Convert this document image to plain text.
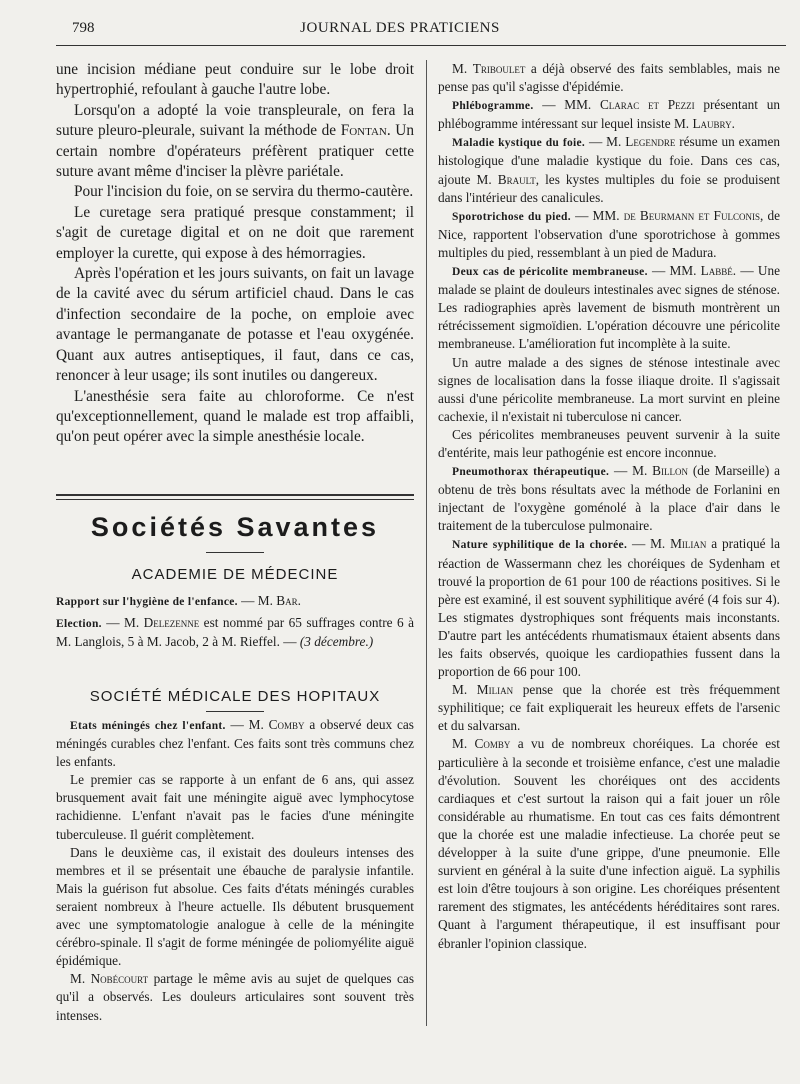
798	JOURNAL DES PRATICIENS

une incision médiane peut conduire sur le lobe droit hypertrophié, refoulant à gauche l'autre lobe.

Lorsqu'on a adopté la voie transpleurale, on fera la suture pleuro-pleurale, suivant la méthode de Fontan. Un certain nombre d'opérateurs préfèrent pratiquer cette suture avant même d'inciser la plèvre pariétale.

Pour l'incision du foie, on se servira du thermo-cautère.

Le curetage sera pratiqué presque constamment; il s'agit de curetage digital et on ne doit que rarement employer la curette, qui expose à des hémorragies.

Après l'opération et les jours suivants, on fait un lavage de la cavité avec du sérum artificiel chaud. Dans le cas d'infection secondaire de la poche, on emploie avec avantage le permanganate de potasse et l'eau oxygénée. Quant aux autres antiseptiques, il faut, dans ce cas, renoncer à leur usage; ils sont inutiles ou dangereux.

L'anesthésie sera faite au chloroforme. Ce n'est qu'exceptionnellement, quand le malade est trop affaibli, qu'on peut opérer avec la simple anesthésie locale.

Sociétés Savantes
ACADEMIE DE MÉDECINE

Rapport sur l'hygiène de l'enfance. — M. Bar.

Election. — M. Delezenne est nommé par 65 suffrages contre 6 à M. Langlois, 5 à M. Jacob, 2 à M. Rieffel. — (3 décembre.)

SOCIÉTÉ MÉDICALE DES HOPITAUX

Etats méningés chez l'enfant. — M. Comby a observé deux cas méningés curables chez l'enfant. Ces faits sont très communs chez les enfants.

Le premier cas se rapporte à un enfant de 6 ans, qui assez brusquement avait fait une méningite aiguë avec lymphocytose rachidienne. L'enfant n'avait pas le facies d'une méningite tuberculeuse. Il guérit complètement.

Dans le deuxième cas, il existait des douleurs intenses des membres et il se présentait une ébauche de paralysie infantile. Mais la guérison fut absolue. Ces faits d'états méningés curables seraient nombreux à l'heure actuelle. Ils débutent brusquement avec une symptomatologie analogue à celle de la méningite cérébro-spinale. Il s'agit de forme méningée de poliomyélite aiguë épidémique.

M. Nobécourt partage le même avis au sujet de quelques cas qu'il a observés. Les douleurs articulaires sont souvent très intenses.

M. Triboulet a déjà observé des faits semblables, mais ne pense pas qu'il s'agisse d'épidémie.

Phlébogramme. — MM. Clarac et Pezzi présentant un phlébogramme intéressant sur lequel insiste M. Laubry.

Maladie kystique du foie. — M. Legendre résume un examen histologique d'une maladie kystique du foie. Dans ces cas, ajoute M. Brault, les kystes multiples du foie se produisent dans l'intérieur des canalicules.

Sporotrichose du pied. — MM. de Beurmann et Fulconis, de Nice, rapportent l'observation d'une sporotrichose à gommes multiples du pied, ressemblant à un pied de Madura.

Deux cas de péricolite membraneuse. — MM. Labbé. — Une malade se plaint de douleurs intestinales avec signes de sténose. Les radiographies après lavement de bismuth montrèrent un rétrécissement sigmoïdien. L'opération découvre une péricolite membraneuse. L'amélioration fut incomplète à la suite.

Un autre malade a des signes de sténose intestinale avec signes de localisation dans la fosse iliaque droite. Il s'agissait aussi d'une péricolite membraneuse. La mort survint en pleine cachexie, il n'existait ni tuberculose ni cancer.

Ces péricolites membraneuses peuvent survenir à la suite d'entérite, mais leur pathogénie est encore inconnue.

Pneumothorax thérapeutique. — M. Billon (de Marseille) a obtenu de très bons résultats avec la méthode de Forlanini en injectant de l'oxygène goménolé à la place d'air dans le traitement de la tuberculose pulmonaire.

Nature syphilitique de la chorée. — M. Milian a pratiqué la réaction de Wassermann chez les choréiques de Sydenham et trouvé la proportion de 61 pour 100 de réactions positives. Si le père est examiné, il est souvent syphilitique avéré (4 fois sur 4). Les stigmates dystrophiques sont fréquents mais inconstants. D'autre part les antécédents rhumatismaux étaient absents dans les faits observés, quoique les cardiopathies fussent dans la proportion de 66 pour 100.

M. Milian pense que la chorée est très fréquemment syphilitique; ce fait expliquerait les heureux effets de l'arsenic et du salvarsan.

M. Comby a vu de nombreux choréiques. La chorée est particulière à la seconde et troisième enfance, c'est une maladie d'évolution. Souvent les choréiques ont des accidents cardiaques et c'est surtout la raison qui a fait jouer un rôle considérable au rhumatisme. En tout cas ces faits démontrent que la chorée est une maladie infectieuse. La chorée peut se développer à la suite d'une grippe, d'une pneumonie. Elle survient en général à la suite d'une infection aiguë. La syphilis est loin d'être toujours à son origine. Les choréiques présentent rarement des stigmates, les antécédents héréditaires sont rares. Quant à l'argument thérapeutique, il est insuffisant pour ébranler l'opinion classique.
